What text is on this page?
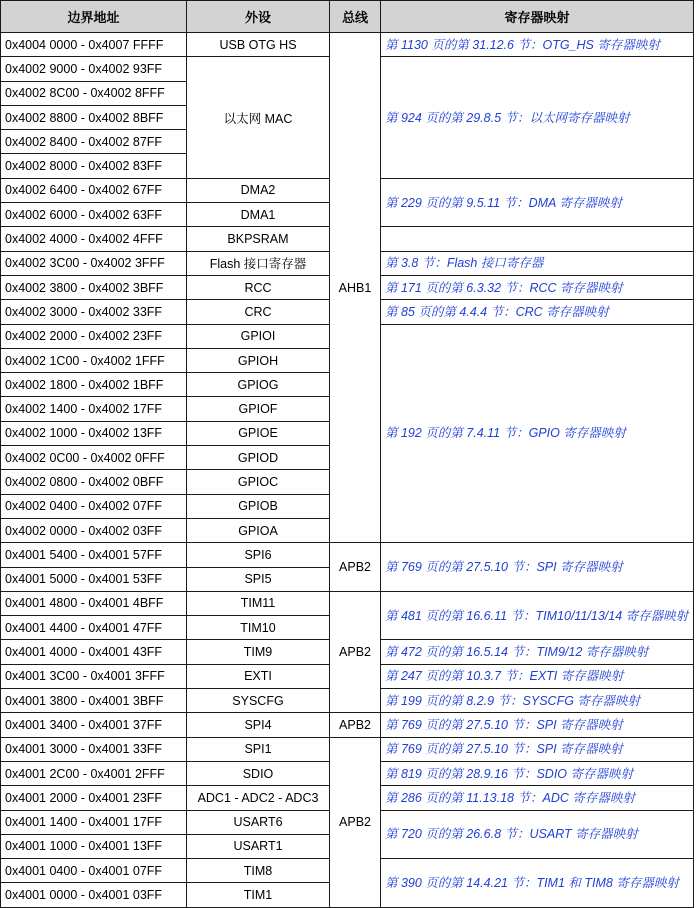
边界地址	外设	总线	寄存器映射
0x4004 0000 - 0x4007 FFFF	USB OTG HS	AHB1	第 1130 页的第 31.12.6 节：OTG_HS 寄存器映射
0x4002 9000 - 0x4002 93FF	以太网 MAC		第 924 页的第 29.8.5 节：以太网寄存器映射
0x4002 8C00 - 0x4002 8FFF			
0x4002 8800 - 0x4002 8BFF			
0x4002 8400 - 0x4002 87FF			
0x4002 8000 - 0x4002 83FF			
0x4002 6400 - 0x4002 67FF	DMA2		第 229 页的第 9.5.11 节：DMA 寄存器映射
0x4002 6000 - 0x4002 63FF	DMA1		
0x4002 4000 - 0x4002 4FFF	BKPSRAM		
0x4002 3C00 - 0x4002 3FFF	Flash 接口寄存器		第 3.8 节：Flash 接口寄存器
0x4002 3800 - 0x4002 3BFF	RCC		第 171 页的第 6.3.32 节：RCC 寄存器映射
0x4002 3000 - 0x4002 33FF	CRC		第 85 页的第 4.4.4 节：CRC 寄存器映射
0x4002 2000 - 0x4002 23FF	GPIOI		第 192 页的第 7.4.11 节：GPIO 寄存器映射
0x4002 1C00 - 0x4002 1FFF	GPIOH		
0x4002 1800 - 0x4002 1BFF	GPIOG		
0x4002 1400 - 0x4002 17FF	GPIOF		
0x4002 1000 - 0x4002 13FF	GPIOE		
0x4002 0C00 - 0x4002 0FFF	GPIOD		
0x4002 0800 - 0x4002 0BFF	GPIOC		
0x4002 0400 - 0x4002 07FF	GPIOB		
0x4002 0000 - 0x4002 03FF	GPIOA		
0x4001 5400 - 0x4001 57FF	SPI6	APB2	第 769 页的第 27.5.10 节：SPI 寄存器映射
0x4001 5000 - 0x4001 53FF	SPI5		
0x4001 4800 - 0x4001 4BFF	TIM11	APB2	第 481 页的第 16.6.11 节：TIM10/11/13/14 寄存器映射
0x4001 4400 - 0x4001 47FF	TIM10		
0x4001 4000 - 0x4001 43FF	TIM9		第 472 页的第 16.5.14 节：TIM9/12 寄存器映射
0x4001 3C00 - 0x4001 3FFF	EXTI		第 247 页的第 10.3.7 节：EXTI 寄存器映射
0x4001 3800 - 0x4001 3BFF	SYSCFG		第 199 页的第 8.2.9 节：SYSCFG 寄存器映射
0x4001 3400 - 0x4001 37FF	SPI4	APB2	第 769 页的第 27.5.10 节：SPI 寄存器映射
0x4001 3000 - 0x4001 33FF	SPI1	APB2	第 769 页的第 27.5.10 节：SPI 寄存器映射
0x4001 2C00 - 0x4001 2FFF	SDIO		第 819 页的第 28.9.16 节：SDIO 寄存器映射
0x4001 2000 - 0x4001 23FF	ADC1 - ADC2 - ADC3		第 286 页的第 11.13.18 节：ADC 寄存器映射
0x4001 1400 - 0x4001 17FF	USART6		第 720 页的第 26.6.8 节：USART 寄存器映射
0x4001 1000 - 0x4001 13FF	USART1		
0x4001 0400 - 0x4001 07FF	TIM8		第 390 页的第 14.4.21 节：TIM1 和 TIM8 寄存器映射
0x4001 0000 - 0x4001 03FF	TIM1		
